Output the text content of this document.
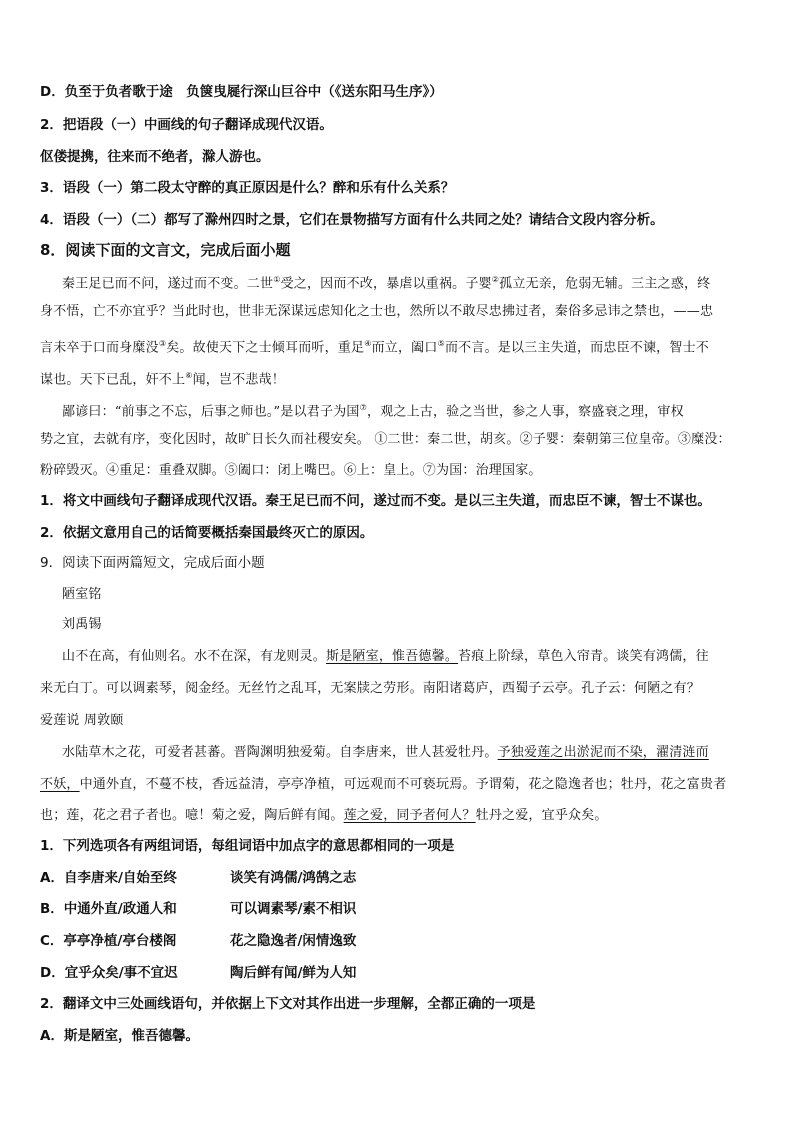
D．负至于负者歌于途　负箧曳屣行深山巨谷中（《送东阳马生序》）
2．把语段（一）中画线的句子翻译成现代汉语。
伛偻提携，往来而不绝者，滁人游也。
3．语段（一）第二段太守醉的真正原因是什么？醉和乐有什么关系？
4．语段（一）（二）都写了滁州四时之景，它们在景物描写方面有什么共同之处？请结合文段内容分析。
8．阅读下面的文言文，完成后面小题
秦王足已而不问，遂过而不变。二世①受之，因而不改，暴虐以重祸。子婴②孤立无亲，危弱无辅。三主之惑，终
身不悟，亡不亦宜乎？当此时也，世非无深谋远虑知化之士也，然所以不敢尽忠拂过者，秦俗多忌讳之禁也，——忠
言未卒于口而身糜没③矣。故使天下之士倾耳而听，重足④而立，阖口⑤而不言。是以三主失道，而忠臣不谏，智士不
谋也。天下已乱，奸不上⑥闻，岂不悲哉！
鄙谚曰：“前事之不忘，后事之师也。”是以君子为国⑦，观之上古，验之当世，参之人事，察盛衰之理，审权
势之宜，去就有序，变化因时，故旷日长久而社稷安矣。 ①二世：秦二世，胡亥。②子婴：秦朝第三位皇帝。③糜没：
粉碎毁灭。④重足：重叠双脚。⑤阖口：闭上嘴巴。⑥上：皇上。⑦为国：治理国家。
1．将文中画线句子翻译成现代汉语。秦王足已而不问，遂过而不变。是以三主失道，而忠臣不谏，智士不谋也。
2．依据文意用自己的话简要概括秦国最终灭亡的原因。
9．阅读下面两篇短文，完成后面小题
陋室铭
刘禹锡
山不在高，有仙则名。水不在深，有龙则灵。斯是陋室，惟吾德馨。苔痕上阶绿，草色入帘青。谈笑有鸿儒，往
来无白丁。可以调素琴，阅金经。无丝竹之乱耳，无案牍之劳形。南阳诸葛庐，西蜀子云亭。孔子云：何陋之有？
爱莲说 周敦颐
水陆草木之花，可爱者甚蕃。晋陶渊明独爱菊。自李唐来，世人甚爱牡丹。予独爱莲之出淤泥而不染，濯清涟而
不妖，中通外直，不蔓不枝，香远益清，亭亭净植，可远观而不可亵玩焉。予谓菊，花之隐逸者也；牡丹，花之富贵者
也；莲，花之君子者也。噫！菊之爱，陶后鲜有闻。莲之爱，同予者何人？牡丹之爱，宜乎众矣。
1．下列选项各有两组词语，每组词语中加点字的意思都相同的一项是
A．自李唐来/自始至终	谈笑有鸿儒/鸿鹄之志
B．中通外直/政通人和	可以调素琴/素不相识
C．亭亭净植/亭台楼阁	花之隐逸者/闲情逸致
D．宜乎众矣/事不宜迟	陶后鲜有闻/鲜为人知
2．翻译文中三处画线语句，并依据上下文对其作出进一步理解，全都正确的一项是
A．斯是陋室，惟吾德馨。
